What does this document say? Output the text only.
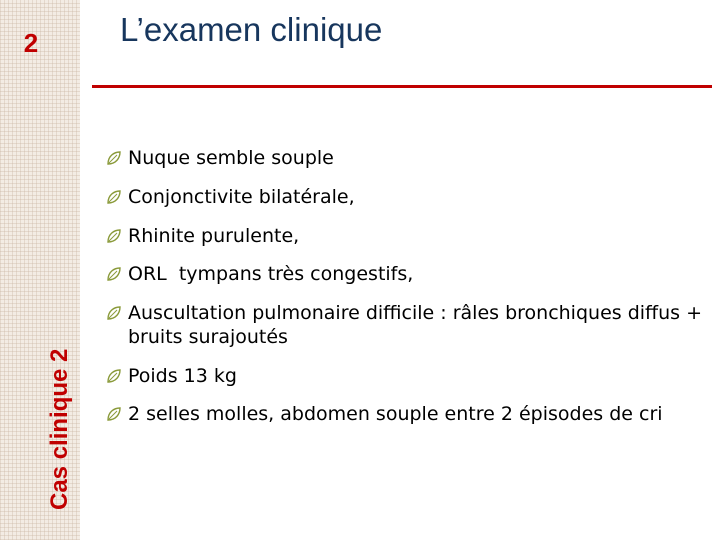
2
Cas clinique 2
L’examen clinique
Nuque semble souple
Conjonctivite bilatérale,
Rhinite purulente,
ORL  tympans très congestifs,
Auscultation pulmonaire difficile : râles bronchiques diffus + bruits surajoutés
Poids 13 kg
2 selles molles, abdomen souple entre 2 épisodes de cri
